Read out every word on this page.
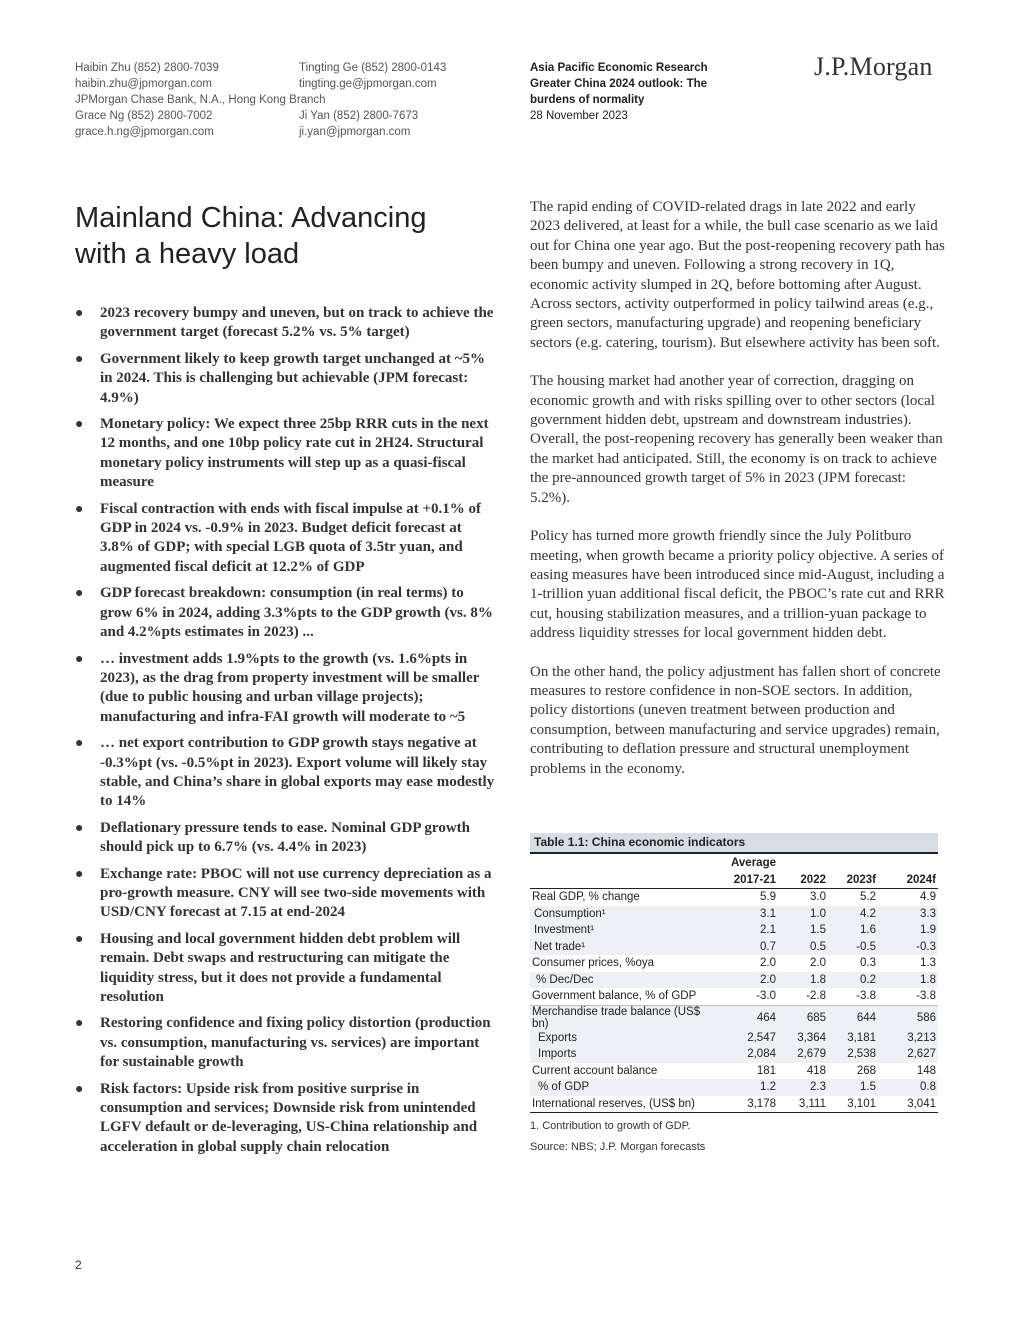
Haibin Zhu (852) 2800-7039
haibin.zhu@jpmorgan.com
JPMorgan Chase Bank, N.A., Hong Kong Branch
Tingting Ge (852) 2800-0143
tingting.ge@jpmorgan.com
Grace Ng (852) 2800-7002
grace.h.ng@jpmorgan.com
Ji Yan (852) 2800-7673
ji.yan@jpmorgan.com
Asia Pacific Economic Research
Greater China 2024 outlook: The
burdens of normality
28 November 2023
J.P.Morgan
Mainland China: Advancing
with a heavy load
● 2023 recovery bumpy and uneven, but on track to achieve the government target (forecast 5.2% vs. 5% target)
● Government likely to keep growth target unchanged at ~5% in 2024. This is challenging but achievable (JPM forecast: 4.9%)
● Monetary policy: We expect three 25bp RRR cuts in the next 12 months, and one 10bp policy rate cut in 2H24. Structural monetary policy instruments will step up as a quasi-fiscal measure
● Fiscal contraction with ends with fiscal impulse at +0.1% of GDP in 2024 vs. -0.9% in 2023. Budget deficit forecast at 3.8% of GDP; with special LGB quota of 3.5tr yuan, and augmented fiscal deficit at 12.2% of GDP
● GDP forecast breakdown: consumption (in real terms) to grow 6% in 2024, adding 3.3%pts to the GDP growth (vs. 8% and 4.2%pts estimates in 2023) ...
● … investment adds 1.9%pts to the growth (vs. 1.6%pts in 2023), as the drag from property investment will be smaller (due to public housing and urban village projects); manufacturing and infra-FAI growth will moderate to ~5
● … net export contribution to GDP growth stays negative at -0.3%pt (vs. -0.5%pt in 2023). Export volume will likely stay stable, and China’s share in global exports may ease modestly to 14%
● Deflationary pressure tends to ease. Nominal GDP growth should pick up to 6.7% (vs. 4.4% in 2023)
● Exchange rate: PBOC will not use currency depreciation as a pro-growth measure. CNY will see two-side movements with USD/CNY forecast at 7.15 at end-2024
● Housing and local government hidden debt problem will remain. Debt swaps and restructuring can mitigate the liquidity stress, but it does not provide a fundamental resolution
● Restoring confidence and fixing policy distortion (production vs. consumption, manufacturing vs. services) are important for sustainable growth
● Risk factors: Upside risk from positive surprise in consumption and services; Downside risk from unintended LGFV default or de-leveraging, US-China relationship and acceleration in global supply chain relocation

The rapid ending of COVID-related drags in late 2022 and early 2023 delivered, at least for a while, the bull case scenario as we laid out for China one year ago. But the post-reopening recovery path has been bumpy and uneven. Following a strong recovery in 1Q, economic activity slumped in 2Q, before bottoming after August. Across sectors, activity outperformed in policy tailwind areas (e.g., green sectors, manufacturing upgrade) and reopening beneficiary sectors (e.g. catering, tourism). But elsewhere activity has been soft.

The housing market had another year of correction, dragging on economic growth and with risks spilling over to other sectors (local government hidden debt, upstream and downstream industries). Overall, the post-reopening recovery has generally been weaker than the market had anticipated. Still, the economy is on track to achieve the pre-announced growth target of 5% in 2023 (JPM forecast: 5.2%).

Policy has turned more growth friendly since the July Politburo meeting, when growth became a priority policy objective. A series of easing measures have been introduced since mid-August, including a 1-trillion yuan additional fiscal deficit, the PBOC’s rate cut and RRR cut, housing stabilization measures, and a trillion-yuan package to address liquidity stresses for local government hidden debt.

On the other hand, the policy adjustment has fallen short of concrete measures to restore confidence in non-SOE sectors. In addition, policy distortions (uneven treatment between production and consumption, between manufacturing and service upgrades) remain, contributing to deflation pressure and structural unemployment problems in the economy.

Table 1.1: China economic indicators
	Average			
	2017-21	2022	2023f	2024f
Real GDP, % change	5.9	3.0	5.2	4.9
Consumption¹	3.1	1.0	4.2	3.3
Investment¹	2.1	1.5	1.6	1.9
Net trade¹	0.7	0.5	-0.5	-0.3
Consumer prices, %oya	2.0	2.0	0.3	1.3
% Dec/Dec	2.0	1.8	0.2	1.8
Government balance, % of GDP	-3.0	-2.8	-3.8	-3.8
Merchandise trade balance (US$ bn)	464	685	644	586
Exports	2,547	3,364	3,181	3,213
Imports	2,084	2,679	2,538	2,627
Current account balance	181	418	268	148
% of GDP	1.2	2.3	1.5	0.8
International reserves, (US$ bn)	3,178	3,111	3,101	3,041
1. Contribution to growth of GDP.
Source: NBS; J.P. Morgan forecasts
2
